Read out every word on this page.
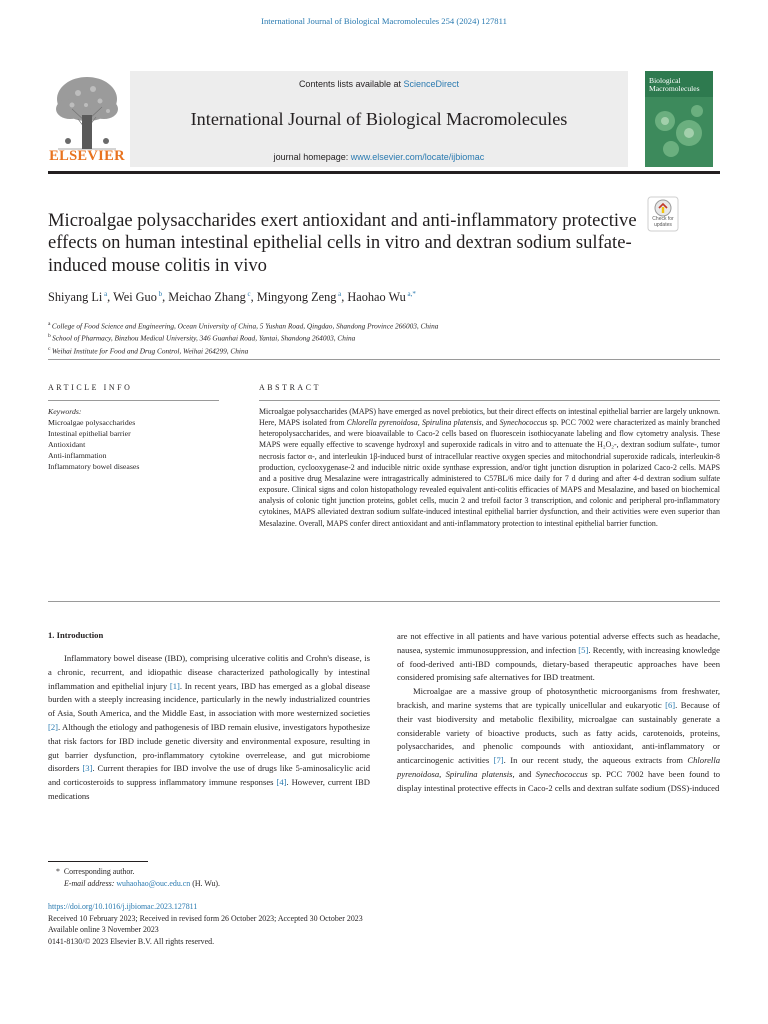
International Journal of Biological Macromolecules 254 (2024) 127811
ELSEVIER
Contents lists available at ScienceDirect
International Journal of Biological Macromolecules
journal homepage: www.elsevier.com/locate/ijbiomac
Biological Macromolecules
Microalgae polysaccharides exert antioxidant and anti-inflammatory protective effects on human intestinal epithelial cells in vitro and dextran sodium sulfate-induced mouse colitis in vivo
Check for updates
Shiyang Li $^a$, Wei Guo $^b$, Meichao Zhang $^c$, Mingyong Zeng $^a$, Haohao Wu $^{a,*}$
$^a$ College of Food Science and Engineering, Ocean University of China, 5 Yushan Road, Qingdao, Shandong Province 266003, China
$^b$ School of Pharmacy, Binzhou Medical University, 346 Guanhai Road, Yantai, Shandong 264003, China
$^c$ Weihai Institute for Food and Drug Control, Weihai 264299, China
ARTICLE INFO	ABSTRACT
Keywords:
Microalgae polysaccharides
Intestinal epithelial barrier
Antioxidant
Anti-inflammation
Inflammatory bowel diseases
Microalgae polysaccharides (MAPS) have emerged as novel prebiotics, but their direct effects on intestinal epithelial barrier are largely unknown. Here, MAPS isolated from Chlorella pyrenoidosa, Spirulina platensis, and Synechococcus sp. PCC 7002 were characterized as mainly branched heteropolysaccharides, and were bioavailable to Caco-2 cells based on fluorescein isothiocyanate labeling and flow cytometry analysis. These MAPS were equally effective to scavenge hydroxyl and superoxide radicals in vitro and to attenuate the H₂O₂-, dextran sodium sulfate-, tumor necrosis factor α-, and interleukin 1β-induced burst of intracellular reactive oxygen species and mitochondrial superoxide radicals, interleukin-8 production, cyclooxygenase-2 and inducible nitric oxide synthase expression, and/or tight junction disruption in polarized Caco-2 cells. MAPS and a positive drug Mesalazine were intragastrically administered to C57BL/6 mice daily for 7 d during and after 4-d dextran sodium sulfate exposure. Clinical signs and colon histopathology revealed equivalent anti-colitis efficacies of MAPS and Mesalazine, and based on biochemical analysis of colonic tight junction proteins, goblet cells, mucin 2 and trefoil factor 3 transcription, and colonic and peripheral pro-inflammatory cytokines, MAPS alleviated dextran sodium sulfate-induced intestinal epithelial barrier dysfunction, and their activities were even superior than Mesalazine. Overall, MAPS confer direct antioxidant and anti-inflammatory protection to intestinal epithelial barrier function.
1. Introduction

Inflammatory bowel disease (IBD), comprising ulcerative colitis and Crohn's disease, is a chronic, recurrent, and idiopathic disease characterized pathologically by intestinal inflammation and epithelial injury [1]. In recent years, IBD has emerged as a global disease burden with a steeply increasing incidence, particularly in the newly industrialized countries of Asia, South America, and the Middle East, in association with more westernized societies [2]. Although the etiology and pathogenesis of IBD remain elusive, investigators hypothesize that risk factors for IBD include genetic diversity and environmental exposure, resulting in gut barrier dysfunction, pro-inflammatory cytokine overrelease, and gut microbiome disorders [3]. Current therapies for IBD involve the use of drugs like 5-aminosalicylic acid and corticosteroids to suppress inflammatory immune responses [4]. However, current IBD medications

are not effective in all patients and have various potential adverse effects such as headache, nausea, systemic immunosuppression, and infection [5]. Recently, with increasing knowledge of food-derived anti-IBD compounds, dietary-based therapeutic approaches have been considered promising safe alternatives for IBD treatment.

Microalgae are a massive group of photosynthetic microorganisms from freshwater, brackish, and marine systems that are typically unicellular and eukaryotic [6]. Because of their vast biodiversity and metabolic flexibility, microalgae can sustainably generate a considerable variety of bioactive products, such as fatty acids, carotenoids, proteins, polysaccharides, and phenolic compounds with antioxidant, anti-inflammatory or anticarcinogenic activities [7]. In our recent study, the aqueous extracts from Chlorella pyrenoidosa, Spirulina platensis, and Synechococcus sp. PCC 7002 have been found to display intestinal protective effects in Caco-2 cells and dextran sulfate sodium (DSS)-induced

* Corresponding author.
E-mail address: wuhaohao@ouc.edu.cn (H. Wu).
https://doi.org/10.1016/j.ijbiomac.2023.127811
Received 10 February 2023; Received in revised form 26 October 2023; Accepted 30 October 2023
Available online 3 November 2023
0141-8130/© 2023 Elsevier B.V. All rights reserved.
